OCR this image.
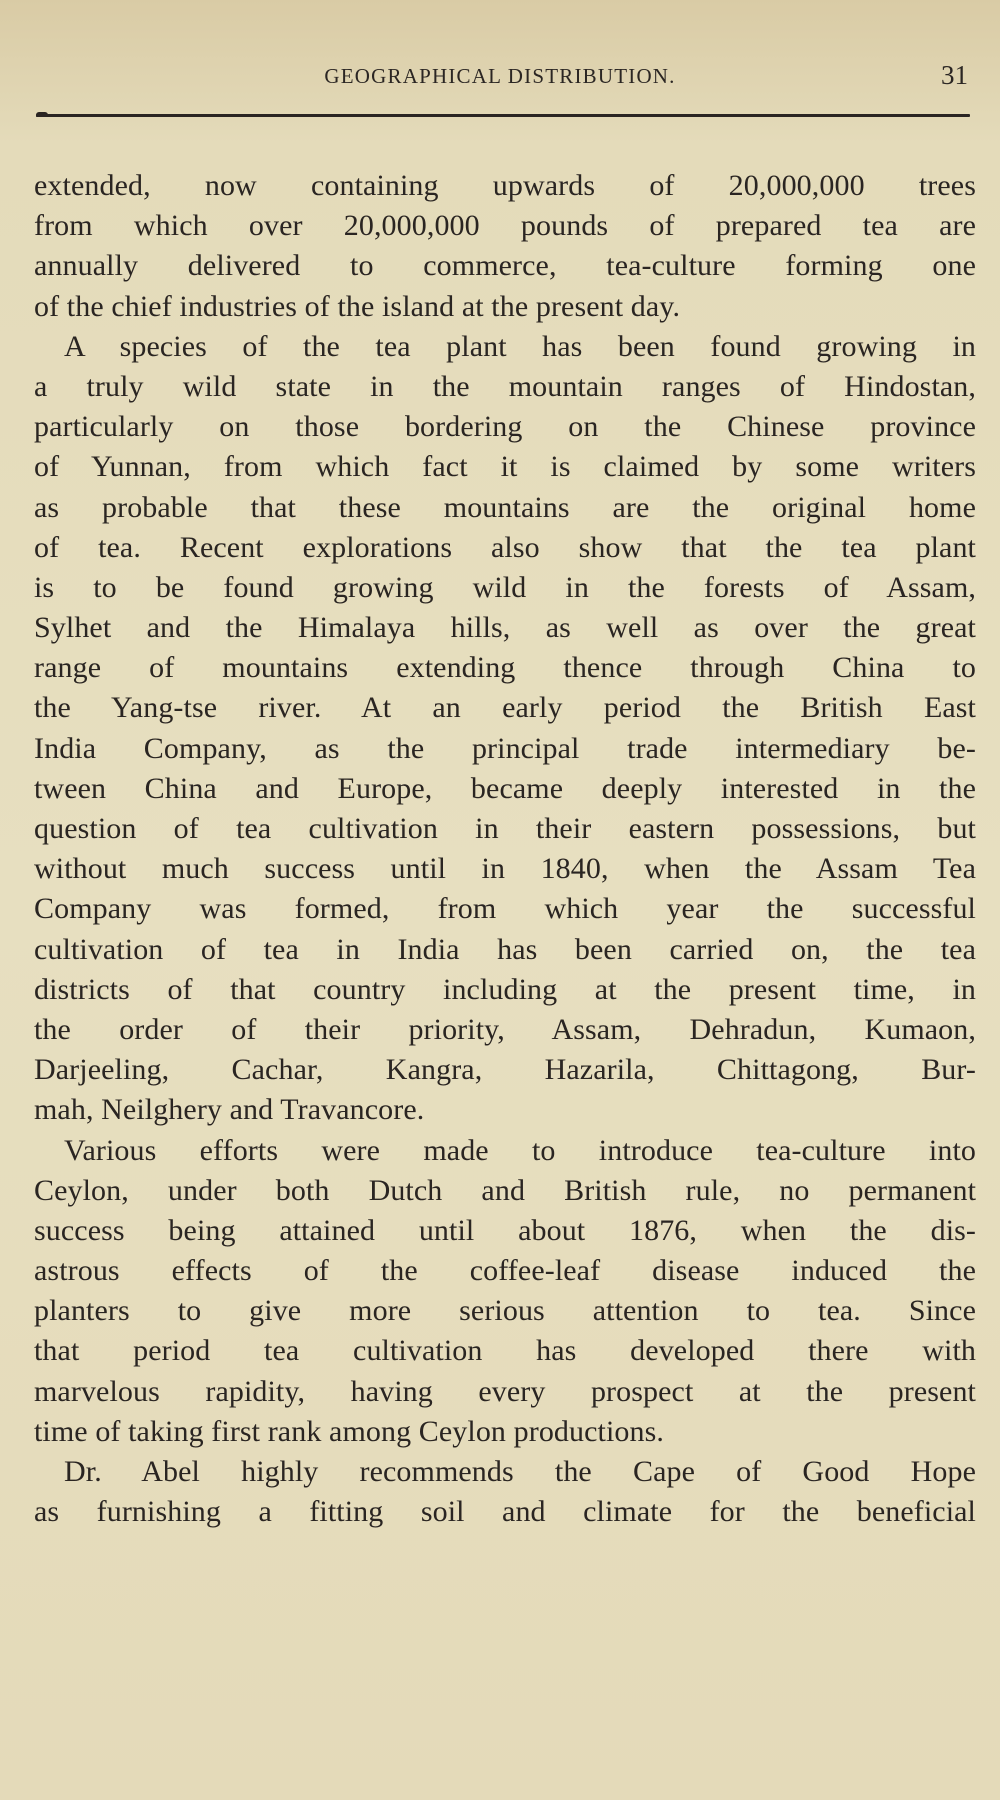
GEOGRAPHICAL DISTRIBUTION.	31
extended, now containing upwards of 20,000,000 trees
from which over 20,000,000 pounds of prepared tea are
annually delivered to commerce, tea-culture forming one
of the chief industries of the island at the present day.
A species of the tea plant has been found growing in
a truly wild state in the mountain ranges of Hindostan,
particularly on those bordering on the Chinese province
of Yunnan, from which fact it is claimed by some writers
as probable that these mountains are the original home
of tea. Recent explorations also show that the tea plant
is to be found growing wild in the forests of Assam,
Sylhet and the Himalaya hills, as well as over the great
range of mountains extending thence through China to
the Yang-tse river. At an early period the British East
India Company, as the principal trade intermediary be-
tween China and Europe, became deeply interested in the
question of tea cultivation in their eastern possessions, but
without much success until in 1840, when the Assam Tea
Company was formed, from which year the successful
cultivation of tea in India has been carried on, the tea
districts of that country including at the present time, in
the order of their priority, Assam, Dehradun, Kumaon,
Darjeeling, Cachar, Kangra, Hazarila, Chittagong, Bur-
mah, Neilghery and Travancore.
Various efforts were made to introduce tea-culture into
Ceylon, under both Dutch and British rule, no permanent
success being attained until about 1876, when the dis-
astrous effects of the coffee-leaf disease induced the
planters to give more serious attention to tea. Since
that period tea cultivation has developed there with
marvelous rapidity, having every prospect at the present
time of taking first rank among Ceylon productions.
Dr. Abel highly recommends the Cape of Good Hope
as furnishing a fitting soil and climate for the beneficial
